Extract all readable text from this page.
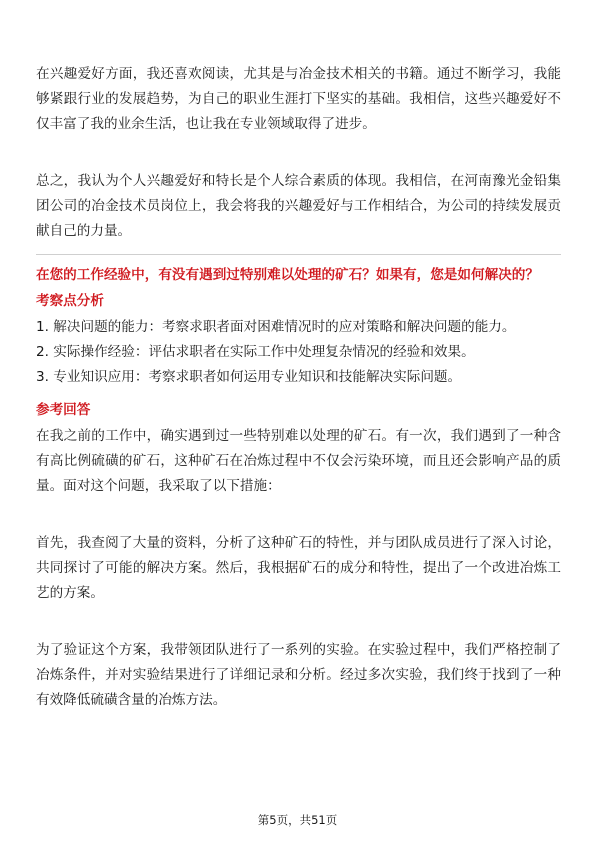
在兴趣爱好方面，我还喜欢阅读，尤其是与冶金技术相关的书籍。通过不断学习，我能够紧跟行业的发展趋势，为自己的职业生涯打下坚实的基础。我相信，这些兴趣爱好不仅丰富了我的业余生活，也让我在专业领域取得了进步。

总之，我认为个人兴趣爱好和特长是个人综合素质的体现。我相信，在河南豫光金铅集团公司的冶金技术员岗位上，我会将我的兴趣爱好与工作相结合，为公司的持续发展贡献自己的力量。

在您的工作经验中，有没有遇到过特别难以处理的矿石？如果有，您是如何解决的？

考察点分析

1. 解决问题的能力：考察求职者面对困难情况时的应对策略和解决问题的能力。

2. 实际操作经验：评估求职者在实际工作中处理复杂情况的经验和效果。

3. 专业知识应用：考察求职者如何运用专业知识和技能解决实际问题。

参考回答

在我之前的工作中，确实遇到过一些特别难以处理的矿石。有一次，我们遇到了一种含有高比例硫磺的矿石，这种矿石在冶炼过程中不仅会污染环境，而且还会影响产品的质量。面对这个问题，我采取了以下措施：

首先，我查阅了大量的资料，分析了这种矿石的特性，并与团队成员进行了深入讨论，共同探讨了可能的解决方案。然后，我根据矿石的成分和特性，提出了一个改进冶炼工艺的方案。

为了验证这个方案，我带领团队进行了一系列的实验。在实验过程中，我们严格控制了冶炼条件，并对实验结果进行了详细记录和分析。经过多次实验，我们终于找到了一种有效降低硫磺含量的冶炼方法。

第5页，共51页
